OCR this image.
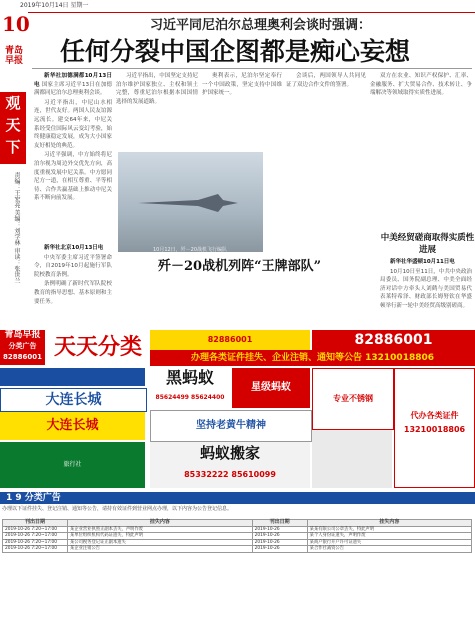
2019年10月14日 星期一
10
青岛早报
观天下
责编：王宏亮 美编：刘学林 审读：张世兰
习近平同尼泊尔总理奥利会谈时强调：
任何分裂中国企图都是痴心妄想

新华社加德满都10月13日电 国家主席习近平13日在加德满都同尼泊尔总理奥利会谈。

习近平指出，中尼山水相连，世代友好。两国人民友谊源远流长。建交64年来，中尼关系经受住国际风云变幻考验，始终健康稳定发展，成为大小国家友好相处的典范。

习近平强调，中方始终将尼泊尔视为周边外交优先方向，高度重视发展中尼关系。中方愿同尼方一道，在相互尊重、平等相待、合作共赢基础上推动中尼关系不断向前发展。

习近平指出，中国坚定支持尼泊尔维护国家独立、主权和领土完整，尊重尼泊尔根据本国国情选择的发展道路。

奥利表示，尼泊尔坚定奉行一个中国政策，坚定支持中国维护国家统一。

会谈后，两国领导人共同见证了双边合作文件的签署。

新华社北京10月13日电

中央军委主席习近平签署命令，自2019年10月起施行军队院校教育条例。

条例明确了新时代军队院校教育的指导思想、基本原则和主要任务。

10月12日，歼－20战机飞行编队
歼－20战机列阵“王牌部队”

双方在农业、知识产权保护、汇率、金融服务、扩大贸易合作、技术转让、争端解决等领域取得实质性进展。

中美经贸磋商取得实质性进展

新华社华盛顿10月11日电

10月10日至11日，中共中央政治局委员、国务院副总理、中美全面经济对话中方牵头人刘鹤与美国贸易代表莱特希泽、财政部长姆努钦在华盛顿举行新一轮中美经贸高级别磋商。

青岛早报
分类广告
82886001 天天分类	82886001	82886001
办理各类证件挂失、企业注销、通知等公告 13210018806
大连长城
大连长城
旅行社
黑蚂蚁
85624499 85624400
星级蚂蚁
坚持老黄牛精神
蚂蚁搬家
85332222 85610099
专业不锈钢
代办各类证件
13210018806
1 9 分类广告
办理以下证件挂失、登记注销、通知等公告，请持有效证件到营业网点办理，以下内容为公告登记信息。
刊出日期	挂失内容	刊出日期	挂失内容
2019-10-26 7:20~17:00	某企业营业执照正副本丢失，声明作废	2019-10-26	某某有限公司公章丢失，特此声明
2019-10-26 7:20~17:00	某单位组织机构代码证遗失，特此声明	2019-10-26	某个人身份证遗失，声明作废
2019-10-26 7:20~17:00	某公司税务登记证正副本遗失	2019-10-26	某商户银行开户许可证遗失
2019-10-26 7:20~17:00	某企业注销公告	2019-10-26	某合作社减资公告
